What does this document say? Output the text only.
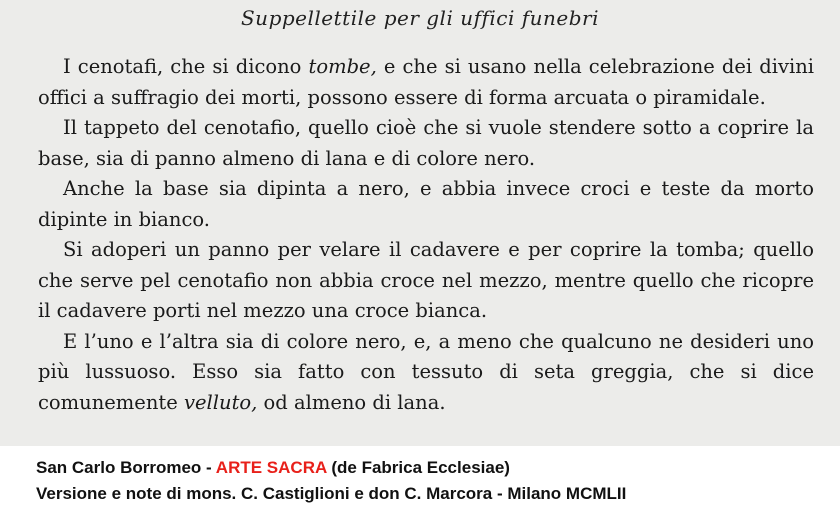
Suppellettile per gli uffici funebri

I cenotafi, che si dicono tombe, e che si usano nella celebrazione dei divini offici a suffragio dei morti, possono essere di forma arcuata o piramidale.

Il tappeto del cenotafio, quello cioè che si vuole stendere sotto a coprire la base, sia di panno almeno di lana e di colore nero.

Anche la base sia dipinta a nero, e abbia invece croci e teste da morto dipinte in bianco.

Si adoperi un panno per velare il cadavere e per coprire la tomba; quello che serve pel cenotafio non abbia croce nel mezzo, mentre quello che ricopre il cadavere porti nel mezzo una croce bianca.

E l’uno e l’altra sia di colore nero, e, a meno che qualcuno ne desideri uno più lussuoso. Esso sia fatto con tessuto di seta greggia, che si dice comunemente velluto, od almeno di lana.

San Carlo Borromeo - ARTE SACRA (de Fabrica Ecclesiae)

Versione e note di mons. C. Castiglioni e don C. Marcora - Milano MCMLII
